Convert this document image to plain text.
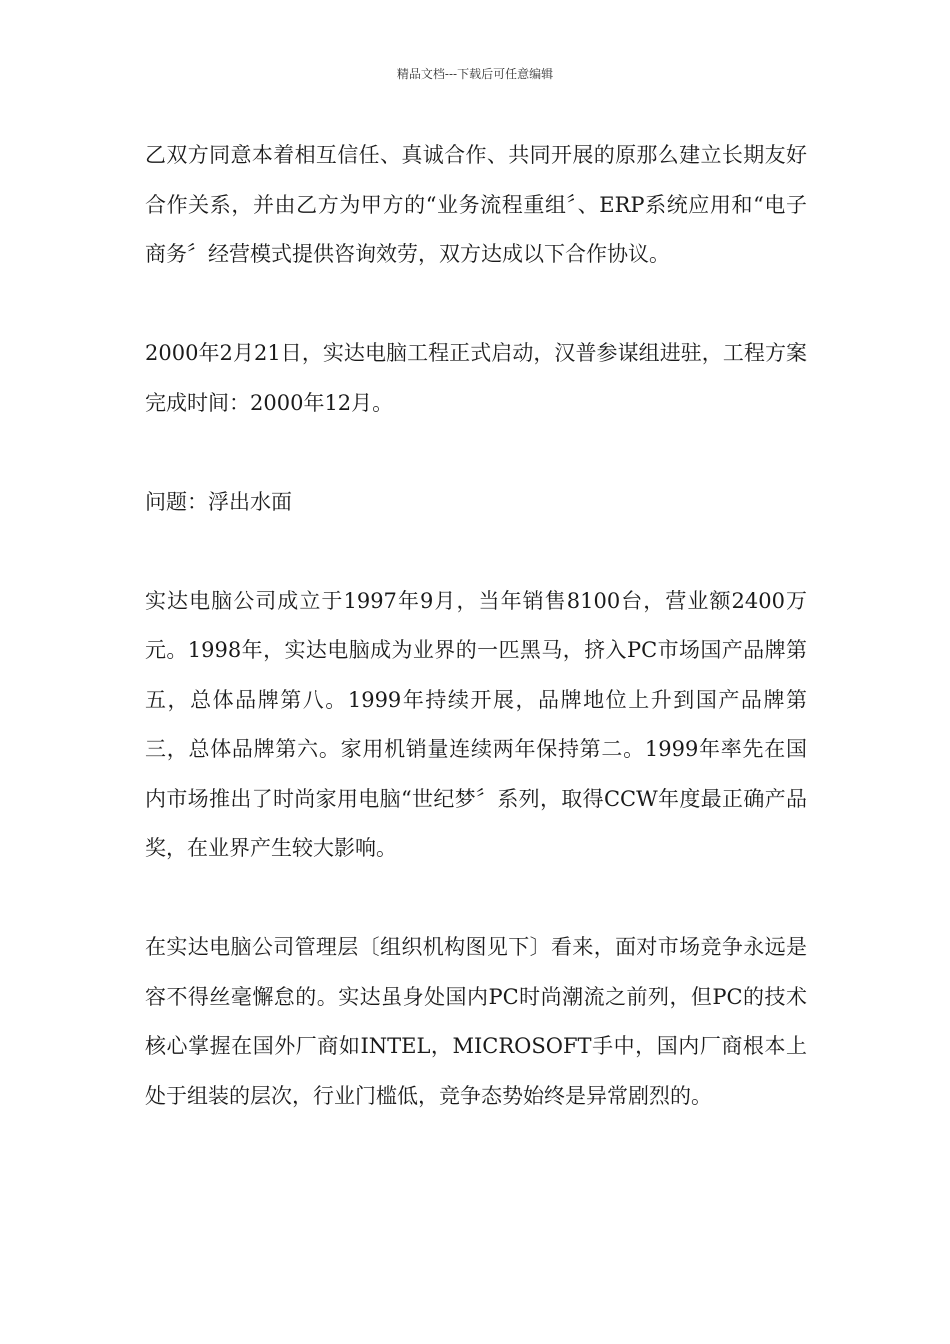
精品文档---下载后可任意编辑

乙双方同意本着相互信任、真诚合作、共同开展的原那么建立长期友好合作关系，并由乙方为甲方的“业务流程重组〞、ERP系统应用和“电子商务〞经营模式提供咨询效劳，双方达成以下合作协议。

2000年2月21日，实达电脑工程正式启动，汉普参谋组进驻，工程方案完成时间：2000年12月。

问题：浮出水面

实达电脑公司成立于1997年9月，当年销售8100台，营业额2400万元。1998年，实达电脑成为业界的一匹黑马，挤入PC市场国产品牌第五，总体品牌第八。1999年持续开展，品牌地位上升到国产品牌第三，总体品牌第六。家用机销量连续两年保持第二。1999年率先在国内市场推出了时尚家用电脑“世纪梦〞系列，取得CCW年度最正确产品奖，在业界产生较大影响。

在实达电脑公司管理层〔组织机构图见下〕看来，面对市场竞争永远是容不得丝毫懈怠的。实达虽身处国内PC时尚潮流之前列，但PC的技术核心掌握在国外厂商如INTEL，MICROSOFT手中，国内厂商根本上处于组装的层次，行业门槛低，竞争态势始终是异常剧烈的。
